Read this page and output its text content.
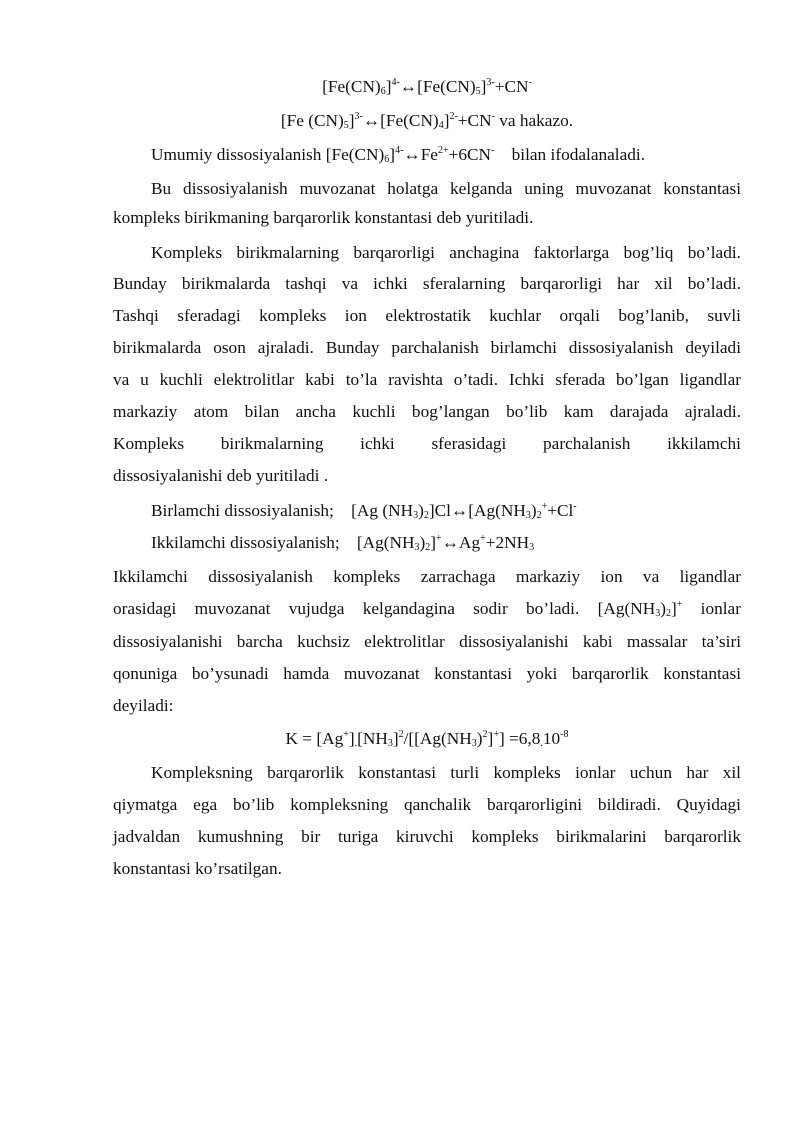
$[Fe(CN)_6]^{4-}\leftrightarrow[Fe(CN)_5]^{3-}+CN^-$
[Fe $(CN)_5]^{3-}\leftrightarrow[Fe(CN)_4]^{2-}+CN^-$ va hakazo.
Umumiy dissosiyalanish $[Fe(CN)_6]^{4-}\leftrightarrow Fe^{2+}+6CN^-$    bilan ifodalanaladi.
Bu dissosiyalanish muvozanat holatga kelganda uning muvozanat konstantasi
kompleks birikmaning barqarorlik konstantasi deb yuritiladi.
Kompleks birikmalarning barqarorligi anchagina faktorlarga bog’liq bo’ladi.
Bunday birikmalarda tashqi va ichki sferalarning barqarorligi har xil bo’ladi.
Tashqi sferadagi kompleks ion elektrostatik kuchlar orqali bog’lanib, suvli
birikmalarda oson ajraladi. Bunday parchalanish birlamchi dissosiyalanish deyiladi
va u kuchli elektrolitlar kabi to’la ravishta o’tadi. Ichki sferada bo’lgan ligandlar
markaziy atom bilan ancha kuchli bog’langan bo’lib kam darajada ajraladi.
Kompleks birikmalarning ichki sferasidagi parchalanish ikkilamchi
dissosiyalanishi deb yuritiladi .
Birlamchi dissosiyalanish;    [Ag $(NH_3)_2]Cl\leftrightarrow[Ag(NH_3)_2^++Cl^-$
Ikkilamchi dissosiyalanish;    $[Ag(NH_3)_2]^+\leftrightarrow Ag^++2NH_3$
Ikkilamchi dissosiyalanish kompleks zarrachaga markaziy ion va ligandlar
orasidagi muvozanat vujudga kelgandagina sodir bo’ladi. $[Ag(NH_3)_2]^+$ ionlar
dissosiyalanishi barcha kuchsiz elektrolitlar dissosiyalanishi kabi massalar ta’siri
qonuniga bo’ysunadi hamda muvozanat konstantasi yoki barqarorlik konstantasi
deyiladi:
$K = [Ag^+]_.[NH_3]^2/[[Ag(NH_3)^2]^+] =6,8_.10^{-8}$
Kompleksning barqarorlik konstantasi turli kompleks ionlar uchun har xil
qiymatga ega bo’lib kompleksning qanchalik barqarorligini bildiradi. Quyidagi
jadvaldan kumushning bir turiga kiruvchi kompleks birikmalarini barqarorlik
konstantasi ko’rsatilgan.
